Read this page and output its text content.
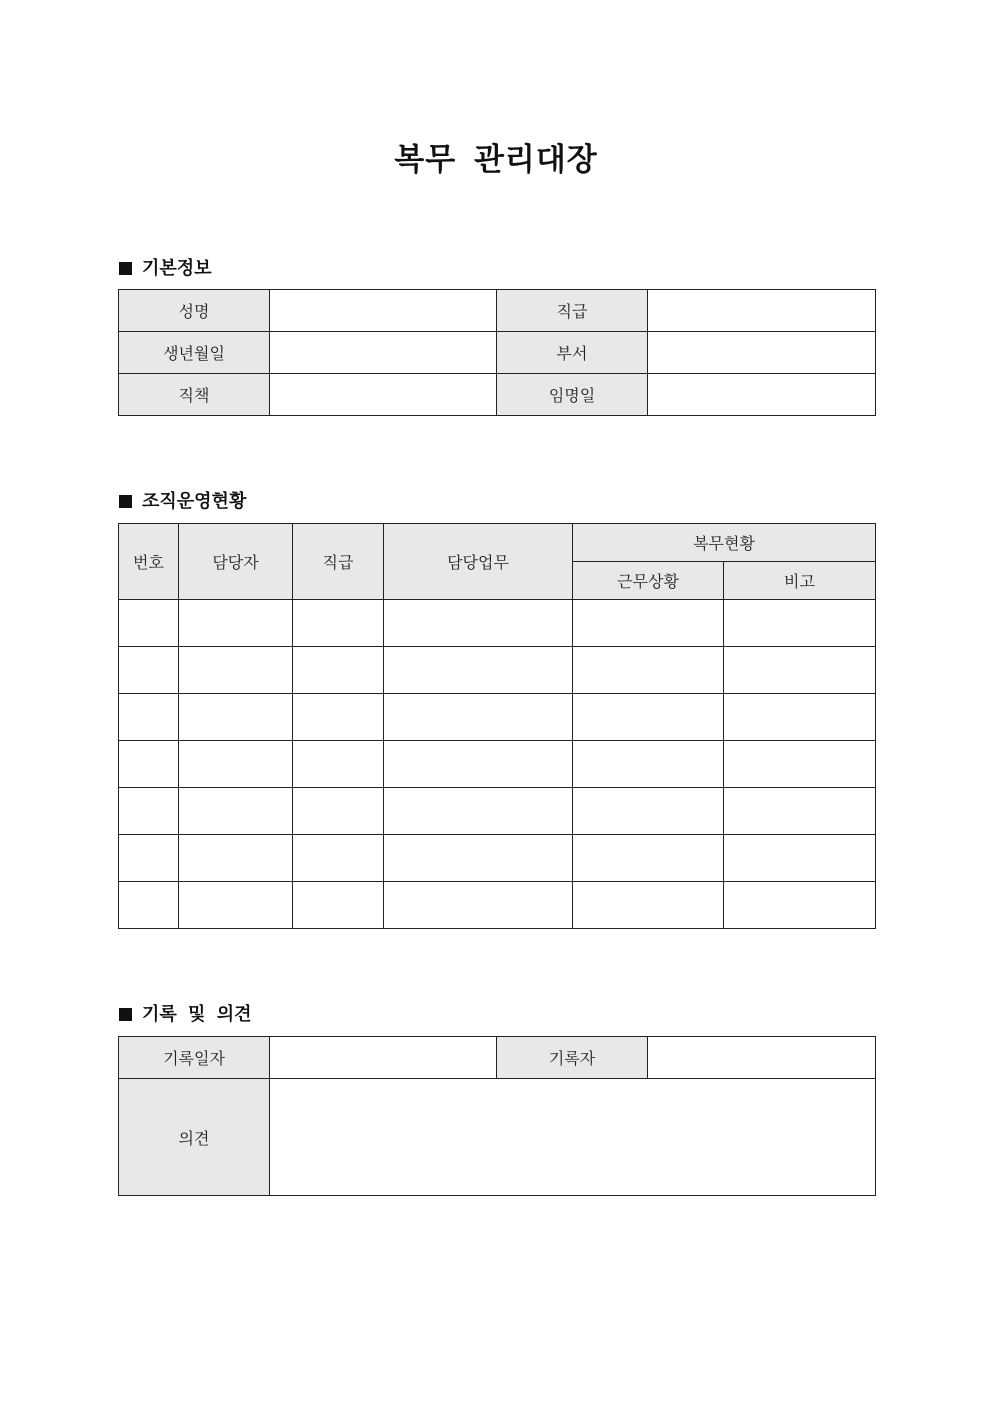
복무 관리대장
기본정보
성명		직급	
생년월일		부서	
직책		임명일	
조직운영현황
번호	담당자	직급	담당업무	복무현황	
				근무상황	비고

기록 및 의견
기록일자		기록자	
의견			
